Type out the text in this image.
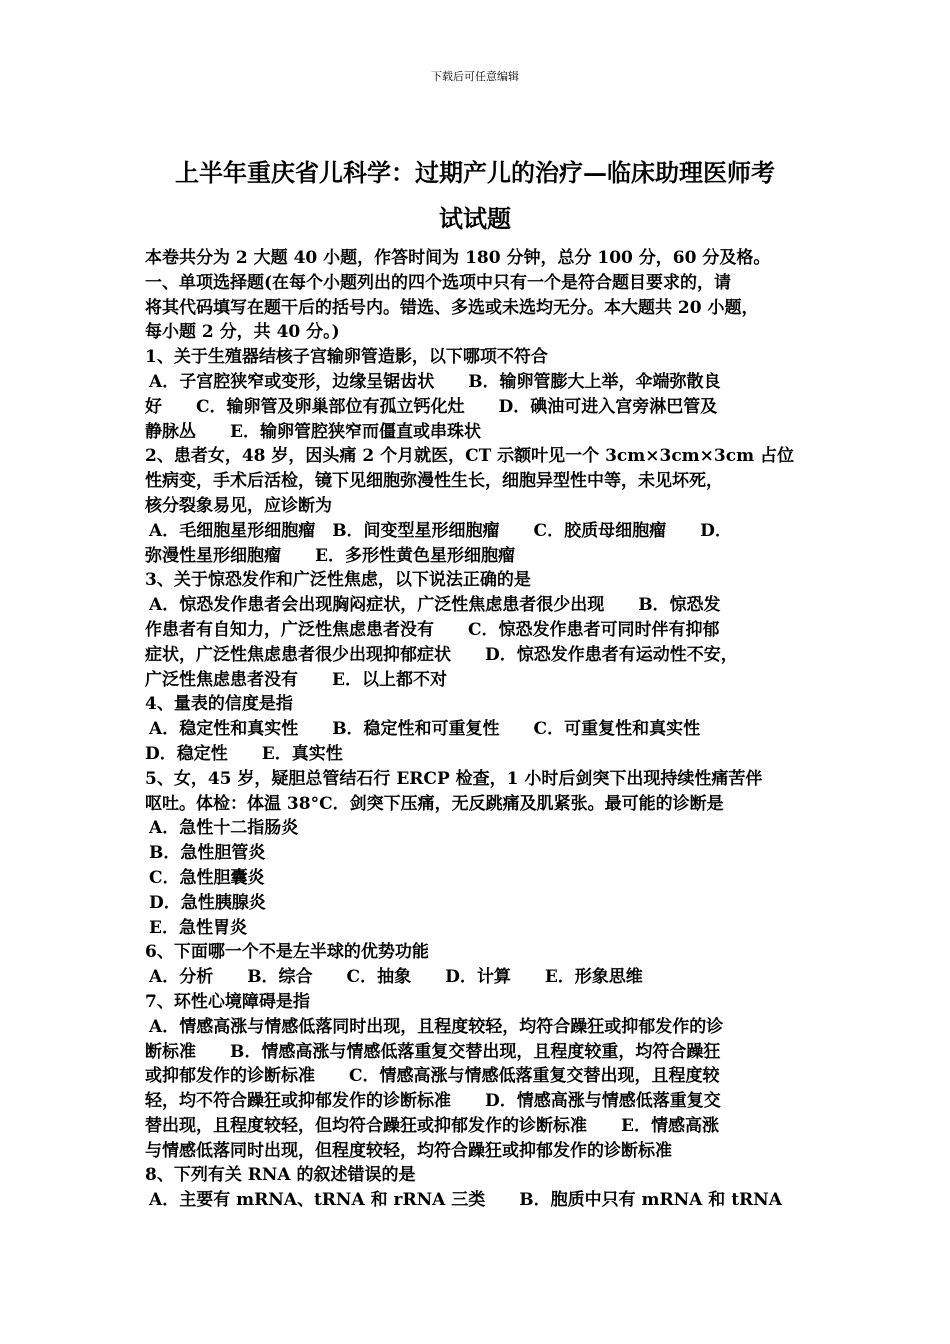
下载后可任意编辑
上半年重庆省儿科学：过期产儿的治疗—临床助理医师考
试试题
本卷共分为 2 大题 40 小题，作答时间为 180 分钟，总分 100 分，60 分及格。
一、单项选择题(在每个小题列出的四个选项中只有一个是符合题目要求的，请
将其代码填写在题干后的括号内。错选、多选或未选均无分。本大题共 20 小题，
每小题 2 分，共 40 分。)
1、关于生殖器结核子宫输卵管造影，以下哪项不符合
A．子宫腔狭窄或变形，边缘呈锯齿状　　B．输卵管膨大上举，伞端弥散良
好　　C．输卵管及卵巢部位有孤立钙化灶　　D．碘油可进入宫旁淋巴管及
静脉丛　　E．输卵管腔狭窄而僵直或串珠状
2、患者女，48 岁，因头痛 2 个月就医，CT 示额叶见一个 3cm×3cm×3cm 占位
性病变，手术后活检，镜下见细胞弥漫性生长，细胞异型性中等，未见坏死，
核分裂象易见，应诊断为
A．毛细胞星形细胞瘤　B．间变型星形细胞瘤　　C．胶质母细胞瘤　　D．
弥漫性星形细胞瘤　　E．多形性黄色星形细胞瘤
3、关于惊恐发作和广泛性焦虑，以下说法正确的是
A．惊恐发作患者会出现胸闷症状，广泛性焦虑患者很少出现　　B．惊恐发
作患者有自知力，广泛性焦虑患者没有　　C．惊恐发作患者可同时伴有抑郁
症状，广泛性焦虑患者很少出现抑郁症状　　D．惊恐发作患者有运动性不安，
广泛性焦虑患者没有　　E．以上都不对
4、量表的信度是指
A．稳定性和真实性　　B．稳定性和可重复性　　C．可重复性和真实性
D．稳定性　　E．真实性
5、女，45 岁，疑胆总管结石行 ERCP 检查，1 小时后剑突下出现持续性痛苦伴
呕吐。体检：体温 38°C．剑突下压痛，无反跳痛及肌紧张。最可能的诊断是
A．急性十二指肠炎
B．急性胆管炎
C．急性胆囊炎
D．急性胰腺炎
E．急性胃炎
6、下面哪一个不是左半球的优势功能
A．分析　　B．综合　　C．抽象　　D．计算　　E．形象思维
7、环性心境障碍是指
A．情感高涨与情感低落同时出现，且程度较轻，均符合躁狂或抑郁发作的诊
断标准　　B．情感高涨与情感低落重复交替出现，且程度较重，均符合躁狂
或抑郁发作的诊断标准　　C．情感高涨与情感低落重复交替出现，且程度较
轻，均不符合躁狂或抑郁发作的诊断标准　　D．情感高涨与情感低落重复交
替出现，且程度较轻，但均符合躁狂或抑郁发作的诊断标准　　E．情感高涨
与情感低落同时出现，但程度较轻，均符合躁狂或抑郁发作的诊断标准
8、下列有关 RNA 的叙述错误的是
A．主要有 mRNA、tRNA 和 rRNA 三类　　B．胞质中只有 mRNA 和 tRNA
